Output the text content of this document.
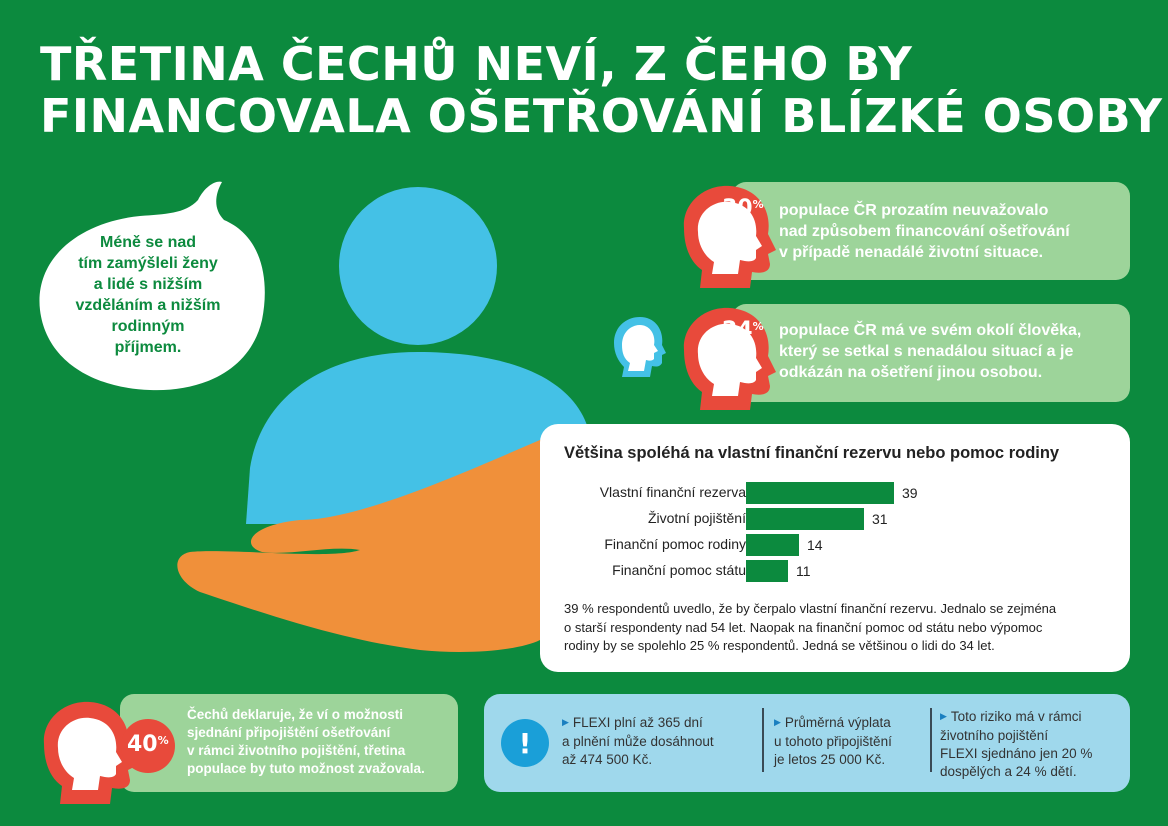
TŘETINA ČECHŮ NEVÍ, Z ČEHO BY
FINANCOVALA OŠETŘOVÁNÍ BLÍZKÉ OSOBY
Méně se nad
tím zamýšleli ženy
a lidé s nižším
vzděláním a nižším
rodinným
příjmem.
30% populace ČR prozatím neuvažovalo
nad způsobem financování ošetřování
v případě nenadálé životní situace.
24% populace ČR má ve svém okolí člověka,
který se setkal s nenadálou situací a je
odkázán na ošetření jinou osobou.
Většina spoléhá na vlastní finanční rezervu nebo pomoc rodiny
Vlastní finanční rezerva	39
Životní pojištění	31
Finanční pomoc rodiny	14
Finanční pomoc státu	11
39 % respondentů uvedlo, že by čerpalo vlastní finanční rezervu. Jednalo se zejména
o starší respondenty nad 54 let. Naopak na finanční pomoc od státu nebo výpomoc
rodiny by se spolehlo 25 % respondentů. Jedná se většinou o lidi do 34 let.
40%
Čechů deklaruje, že ví o možnosti
sjednání připojištění ošetřování
v rámci životního pojištění, třetina
populace by tuto možnost zvažovala.
!
▶ FLEXI plní až 365 dní
a plnění může dosáhnout
až 474 500 Kč.
▶ Průměrná výplata
u tohoto připojištění
je letos 25 000 Kč.
▶ Toto riziko má v rámci
životního pojištění
FLEXI sjednáno jen 20 %
dospělých a 24 % dětí.
